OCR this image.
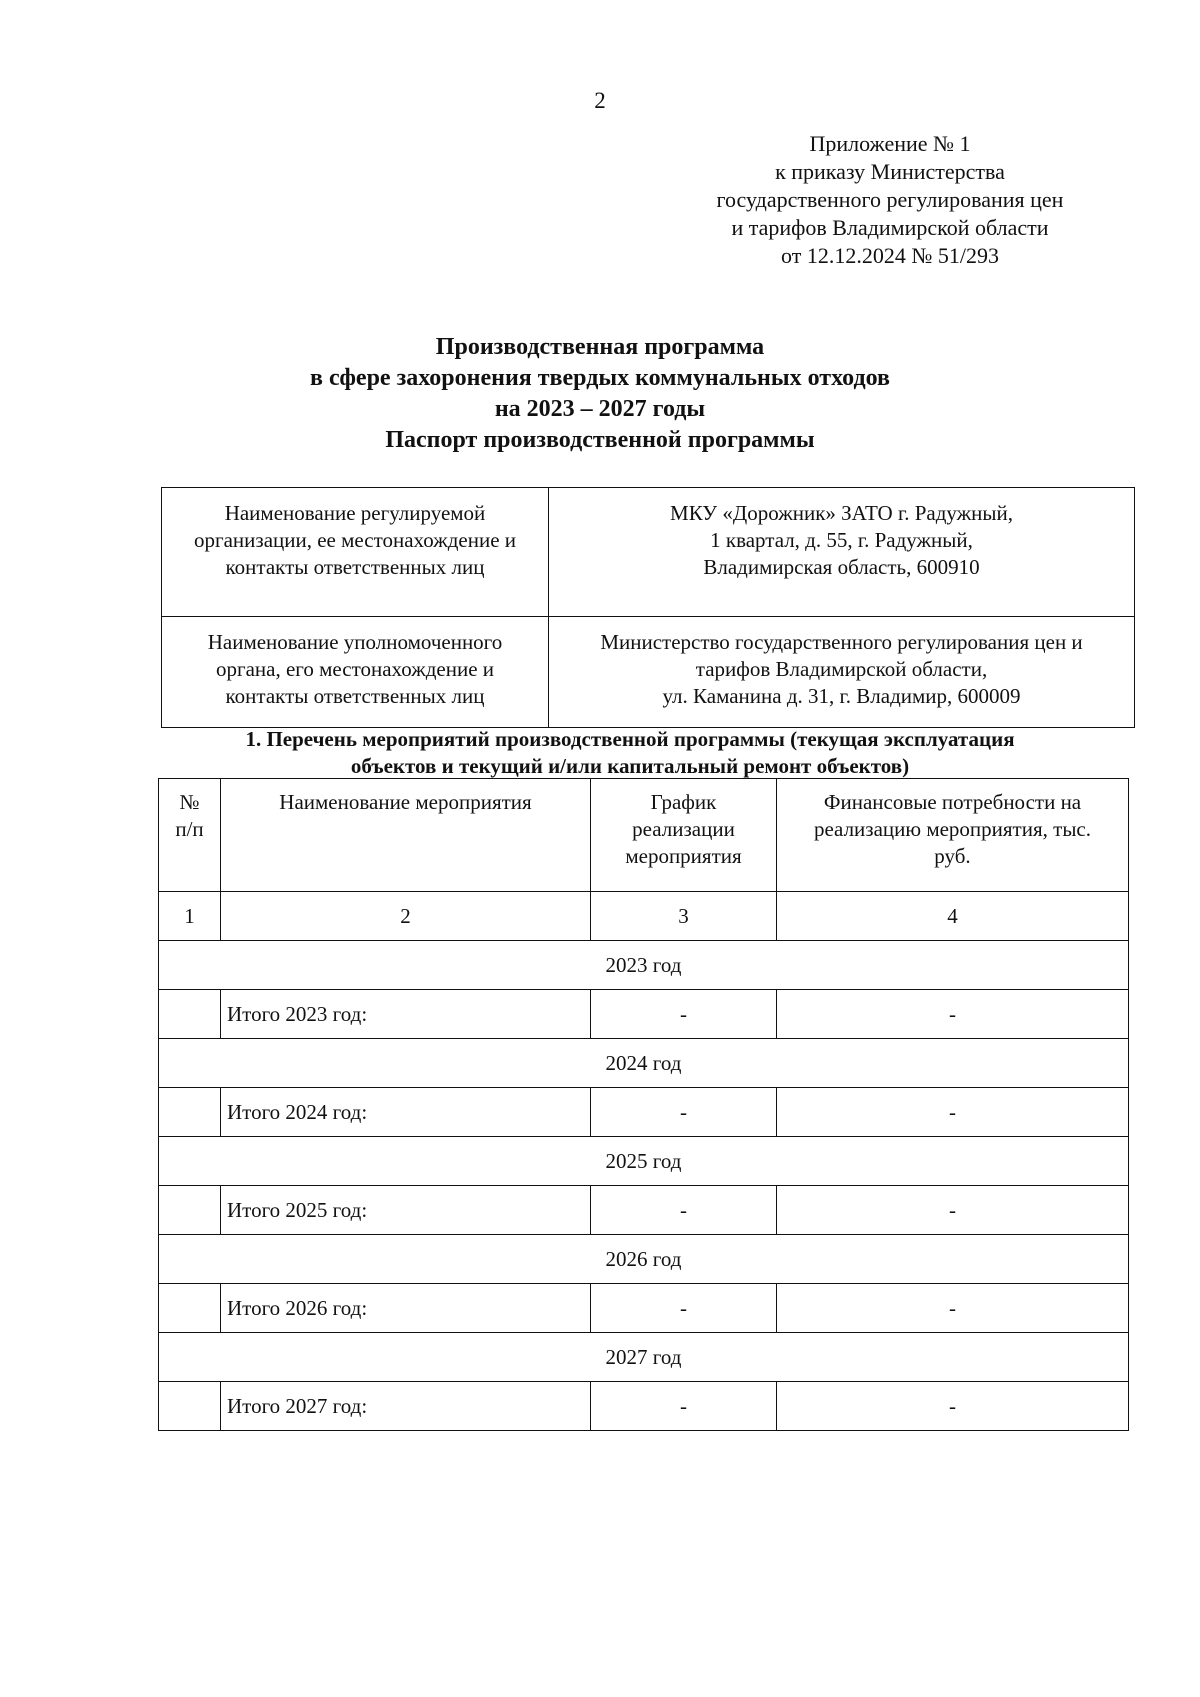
2
Приложение № 1
к приказу Министерства
государственного регулирования цен
и тарифов Владимирской области
от 12.12.2024 № 51/293
Производственная программа
в сфере захоронения твердых коммунальных отходов
на 2023 – 2027 годы
Паспорт производственной программы
Наименование регулируемой
организации, ее местонахождение и
контакты ответственных лиц	МКУ «Дорожник» ЗАТО г. Радужный,
1 квартал, д. 55, г. Радужный,
Владимирская область, 600910

Наименование уполномоченного
органа, его местонахождение и
контакты ответственных лиц	Министерство государственного регулирования цен и
тарифов Владимирской области,
ул. Каманина д. 31, г. Владимир, 600009
1. Перечень мероприятий производственной программы (текущая эксплуатация
объектов и текущий и/или капитальный ремонт объектов)
№
п/п	Наименование мероприятия	График
реализации
мероприятия	Финансовые потребности на
реализацию мероприятия, тыс.
руб.

1	2	3	4
2023 год			
	Итого 2023 год:	-	-
2024 год			
	Итого 2024 год:	-	-
2025 год			
	Итого 2025 год:	-	-
2026 год			
	Итого 2026 год:	-	-
2027 год			
	Итого 2027 год:	-	-
